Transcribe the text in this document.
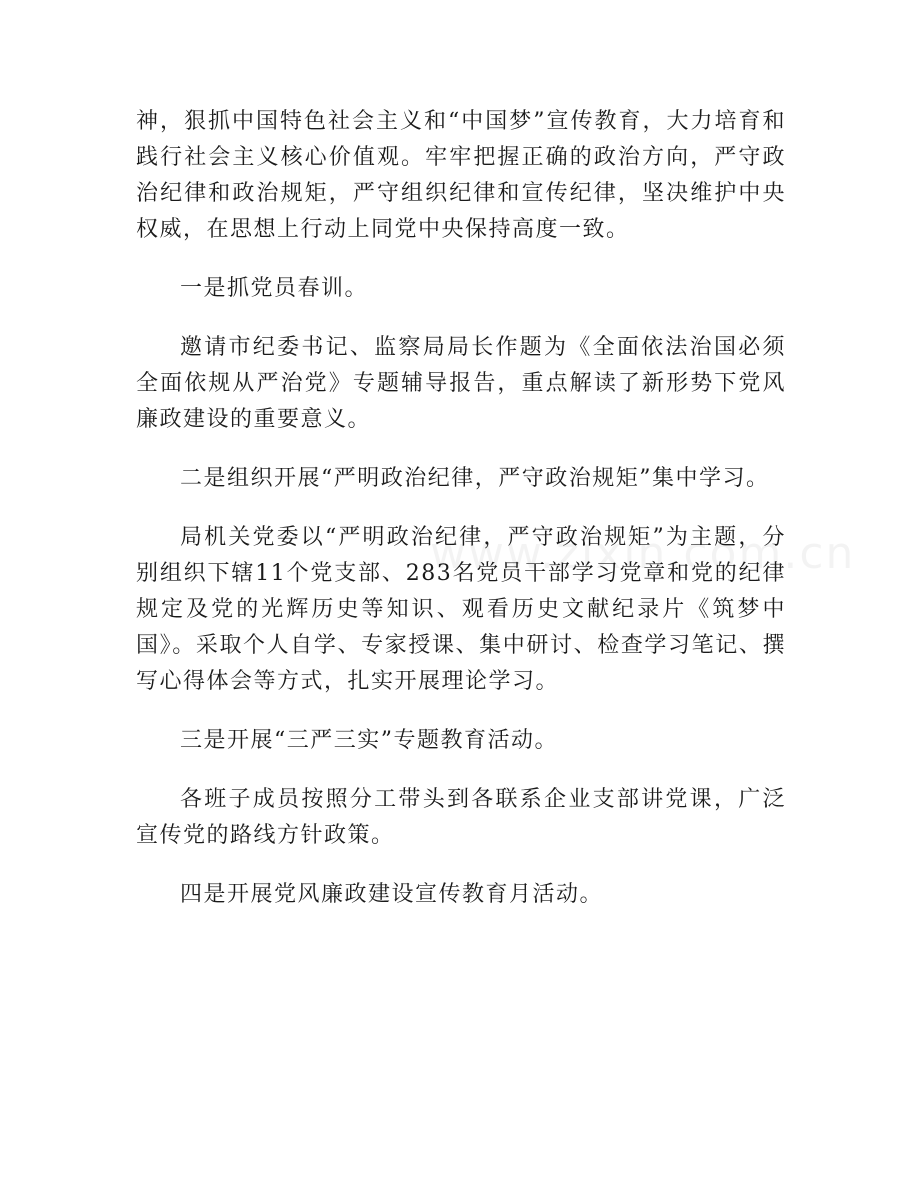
神，狠抓中国特色社会主义和“中国梦”宣传教育，大力培育和践行社会主义核心价值观。牢牢把握正确的政治方向，严守政治纪律和政治规矩，严守组织纪律和宣传纪律，坚决维护中央权威，在思想上行动上同党中央保持高度一致。

一是抓党员春训。

邀请市纪委书记、监察局局长作题为《全面依法治国必须全面依规从严治党》专题辅导报告，重点解读了新形势下党风廉政建设的重要意义。

二是组织开展“严明政治纪律，严守政治规矩”集中学习。

局机关党委以“严明政治纪律，严守政治规矩”为主题，分别组织下辖11个党支部、283名党员干部学习党章和党的纪律规定及党的光辉历史等知识、观看历史文献纪录片《筑梦中国》。采取个人自学、专家授课、集中研讨、检查学习笔记、撰写心得体会等方式，扎实开展理论学习。

三是开展“三严三实”专题教育活动。

各班子成员按照分工带头到各联系企业支部讲党课，广泛宣传党的路线方针政策。

四是开展党风廉政建设宣传教育月活动。
